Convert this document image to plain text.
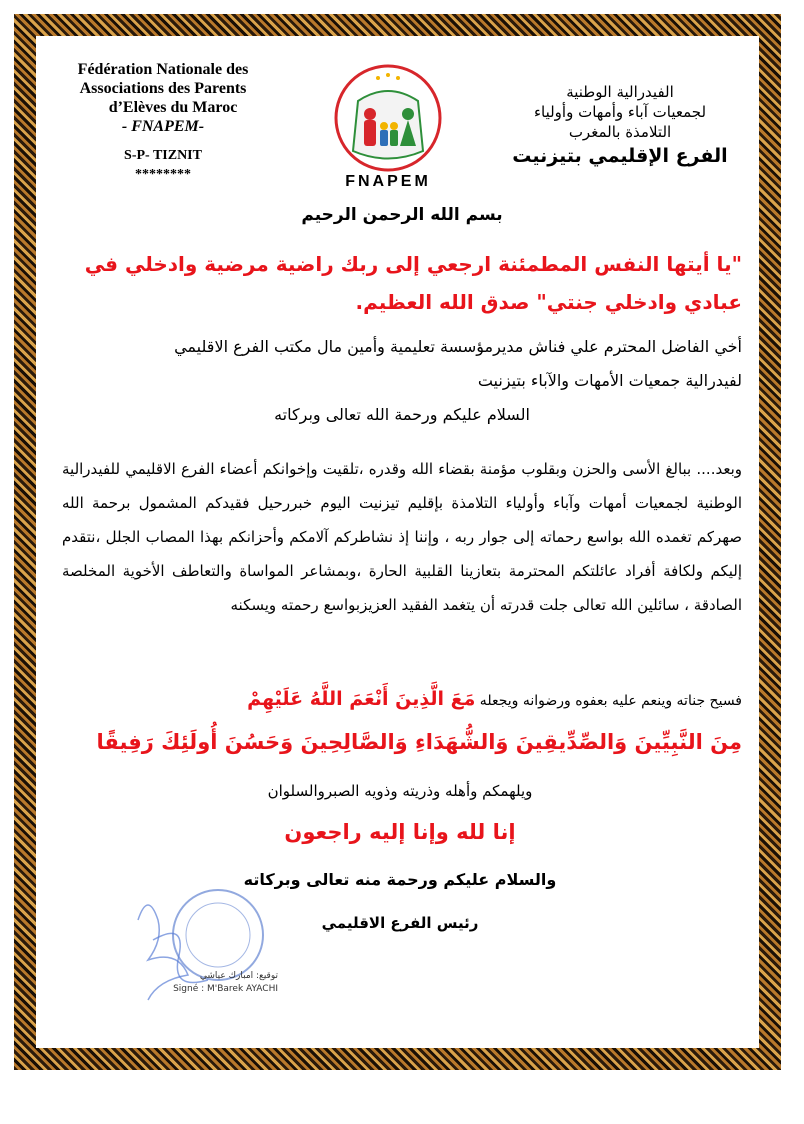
Fédération Nationale des
Associations des Parents
d’Elèves du Maroc
- FNAPEM-
S-P- TIZNIT
********	FNAPEM
الفيدرالية الوطنية
لجمعيات آباء وأمهات وأولياء
التلامذة بالمغرب
الفرع الإقليمي بتيزنيت
بسم الله الرحمن الرحيم
"يا أيتها النفس المطمئنة ارجعي إلى ربك راضية مرضية وادخلي في عبادي وادخلي جنتي" صدق الله العظيم.
أخي الفاضل المحترم علي فناش مديرمؤسسة تعليمية وأمين مال مكتب الفرع الاقليمي
لفيدرالية جمعيات الأمهات والآباء بتيزنيت
السلام عليكم ورحمة الله تعالى وبركاته
وبعد.... ببالغ الأسى والحزن وبقلوب مؤمنة بقضاء الله وقدره ،تلقيت وإخوانكم أعضاء الفرع الاقليمي للفيدرالية الوطنية لجمعيات أمهات وآباء وأولياء التلامذة بإقليم تيزنيت اليوم خبررحيل فقيدكم المشمول برحمة الله صهركم تغمده الله بواسع رحماته إلى جوار ربه ، وإننا إذ نشاطركم آلامكم وأحزانكم بهذا المصاب الجلل ،نتقدم إليكم ولكافة أفراد عائلتكم المحترمة بتعازينا القلبية الحارة ،وبمشاعر المواساة والتعاطف الأخوية المخلصة الصادقة ، سائلين الله تعالى جلت قدرته أن يتغمد الفقيد العزيزبواسع رحمته ويسكنه
فسيح جناته وينعم عليه بعفوه ورضوانه ويجعله مَعَ الَّذِينَ أَنْعَمَ اللَّهُ عَلَيْهِمْ
مِنَ النَّبِيِّينَ وَالصِّدِّيقِينَ وَالشُّهَدَاءِ وَالصَّالِحِينَ وَحَسُنَ أُولَئِكَ رَفِيقًا
ويلهمكم وأهله وذريته وذويه الصبروالسلوان
إنا لله وإنا إليه راجعون
والسلام عليكم ورحمة منه تعالى وبركاته
رئيس الفرع الاقليمي
توقيع: امبارك عياشي
Signé : M'Barek AYACHI
